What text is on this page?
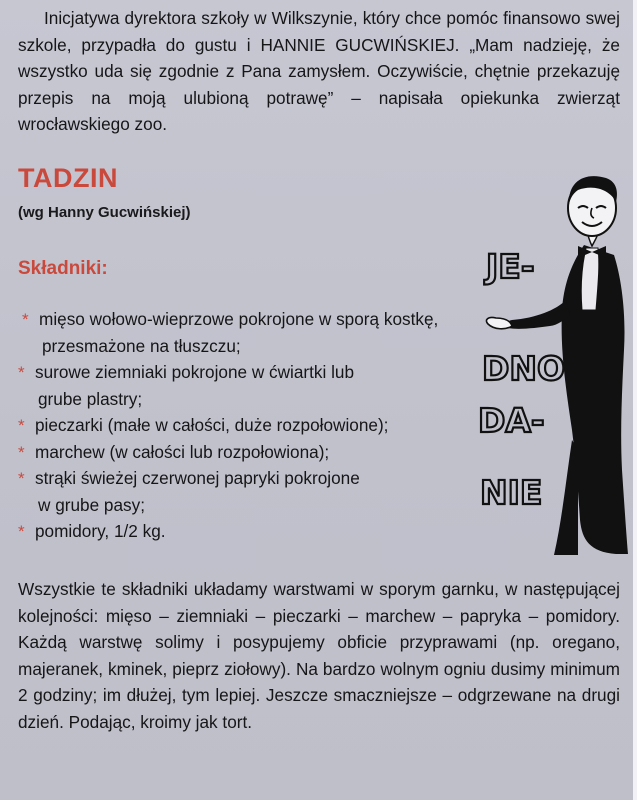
Inicjatywa dyrektora szkoły w Wilkszynie, który chce pomóc finansowo swej szkole, przypadła do gustu i HANNIE GUCWIŃSKIEJ. „Mam nadzieję, że wszystko uda się zgodnie z Pana zamysłem. Oczywiście, chętnie przekazuję przepis na moją ulubioną potrawę” – napisała opiekunka zwierząt wrocławskiego zoo.

TADZIN
(wg Hanny Gucwińskiej)
Składniki:
* mięso wołowo-wieprzowe pokrojone w sporą kostkę,

przesmażone na tłuszczu;
* surowe ziemniaki pokrojone w ćwiartki lub

grube plastry;
* pieczarki (małe w całości, duże rozpołowione);
* marchew (w całości lub rozpołowiona);
* strąki świeżej czerwonej papryki pokrojone

w grube pasy;
* pomidory, 1/2 kg.
JE-
DNO
DA-
NIE

Wszystkie te składniki układamy warstwami w sporym garnku, w następującej kolejności: mięso – ziemniaki – pieczarki – marchew – papryka – pomidory. Każdą warstwę solimy i posypujemy obficie przyprawami (np. oregano, majeranek, kminek, pieprz ziołowy). Na bardzo wolnym ogniu dusimy minimum 2 godziny; im dłużej, tym lepiej. Jeszcze smaczniejsze – odgrzewane na drugi dzień. Podając, kroimy jak tort.
